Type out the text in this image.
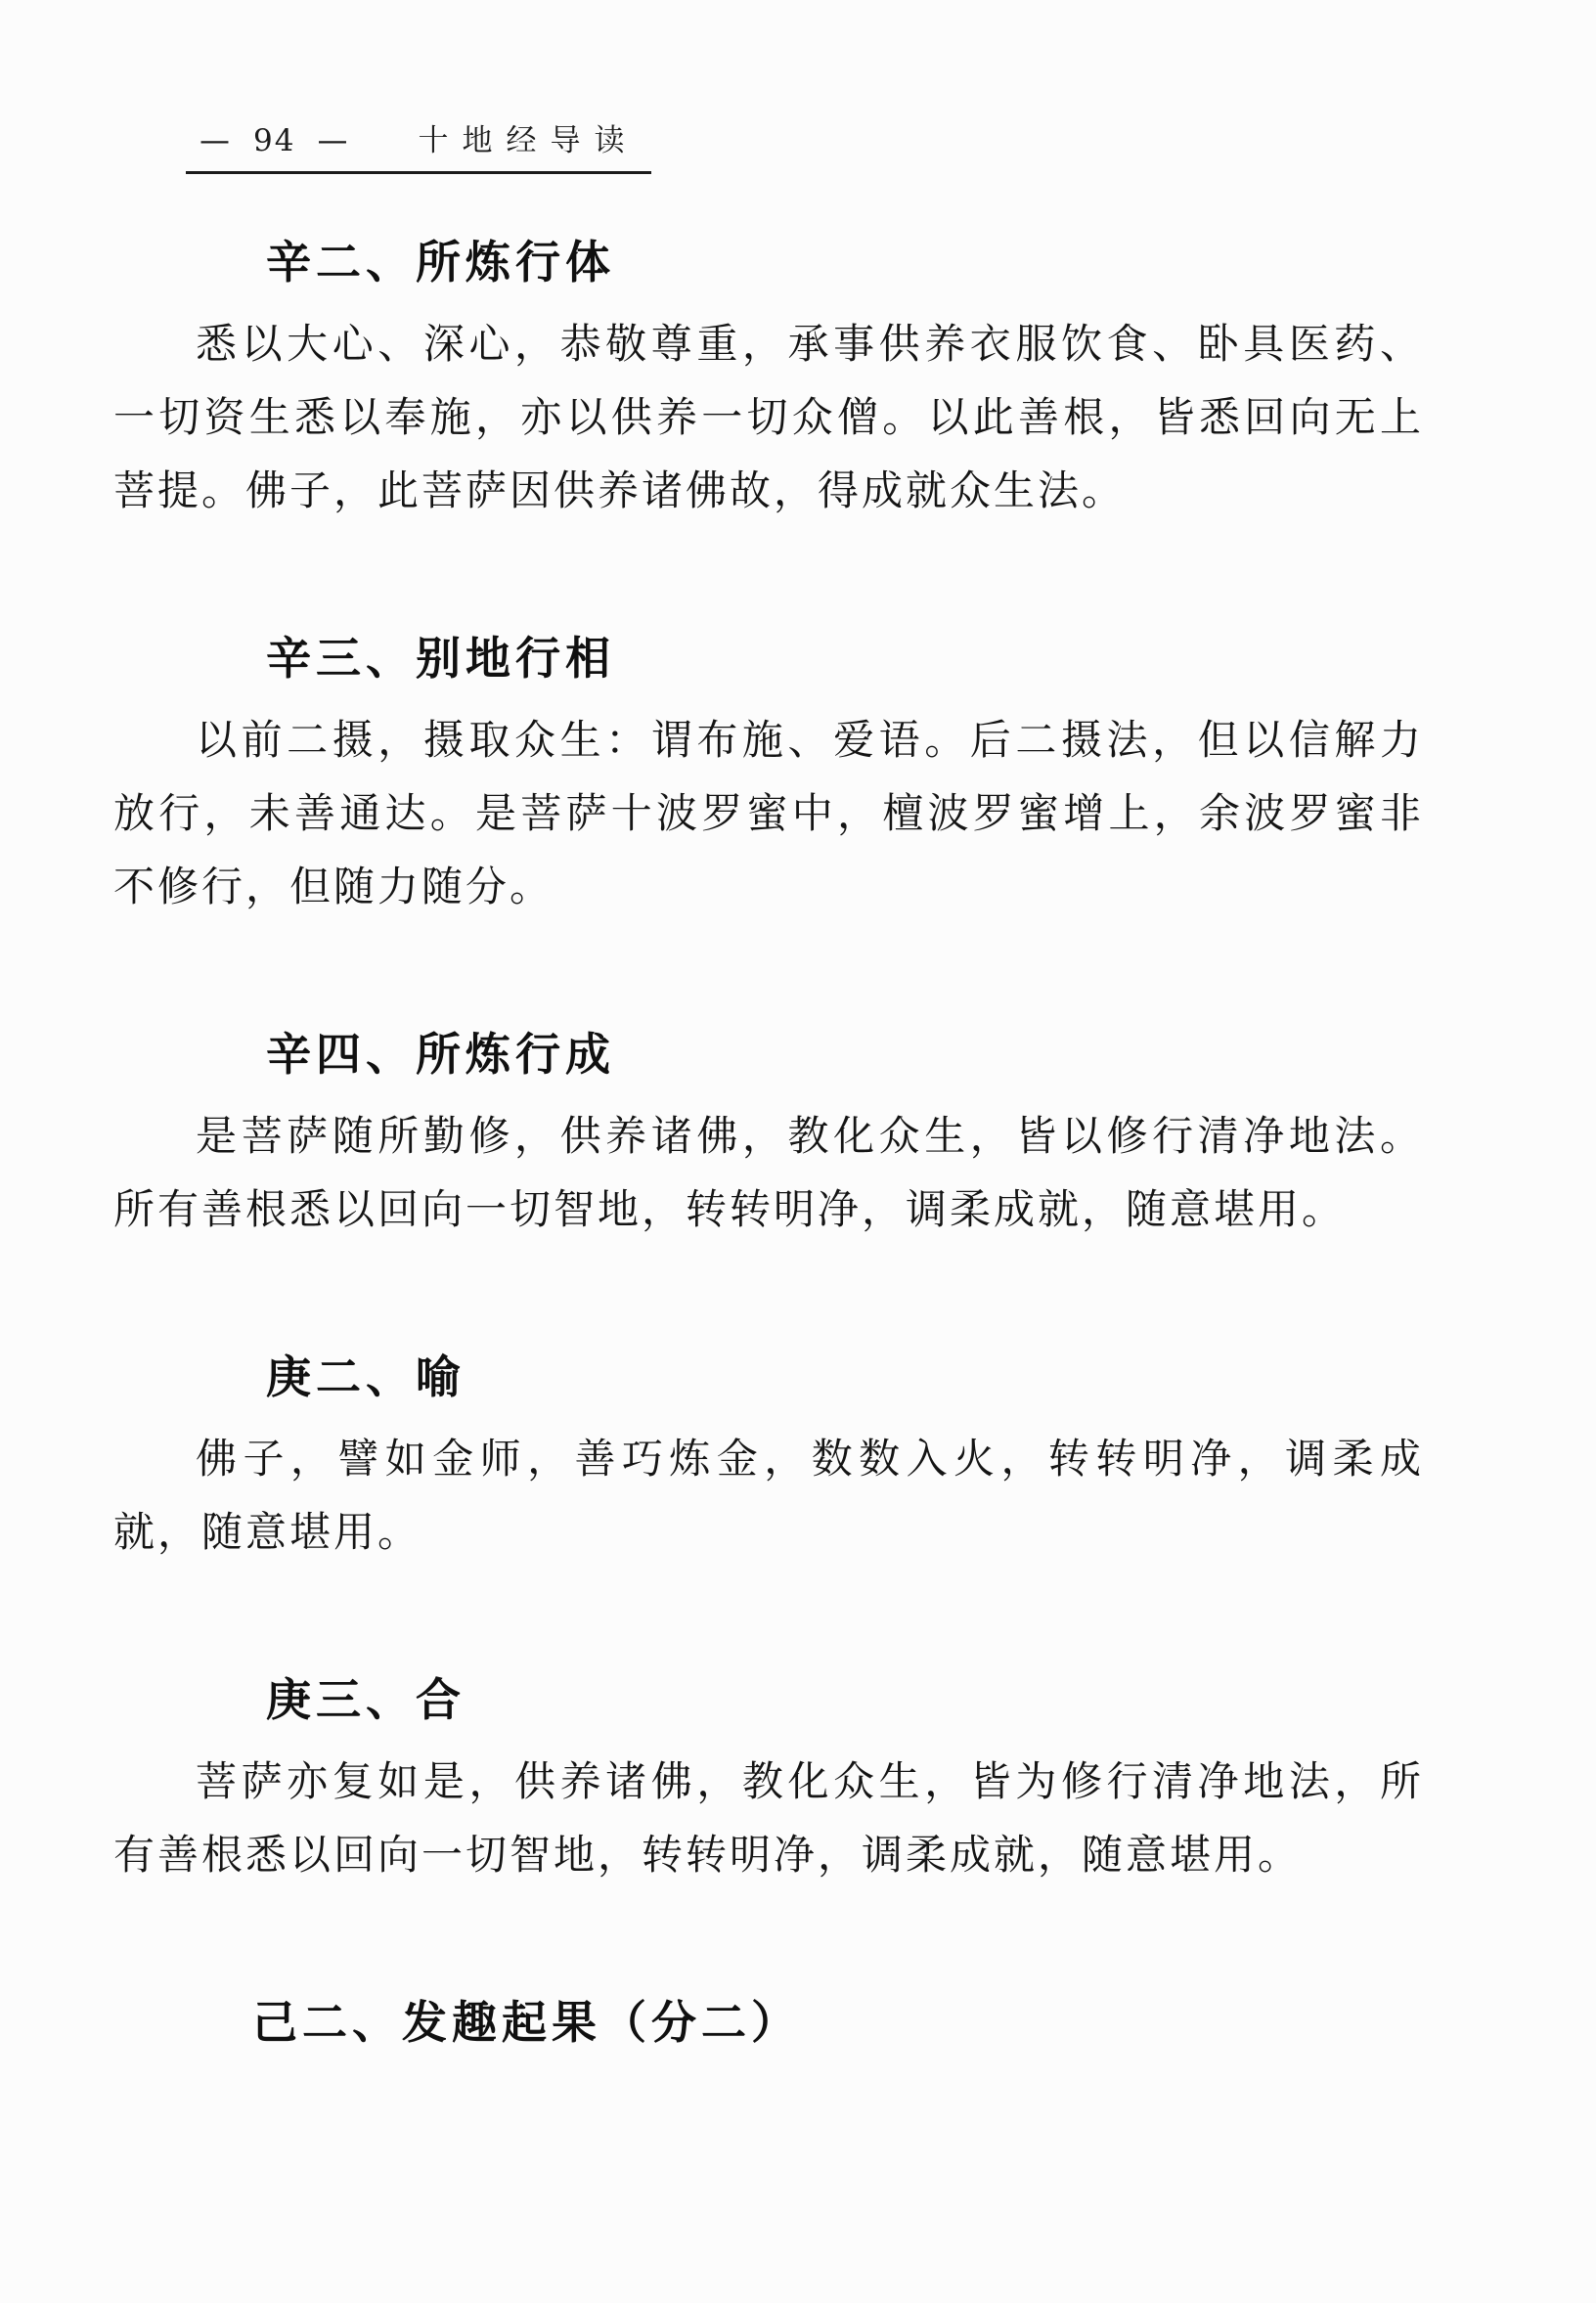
— 94 —	十地经导读
辛二、所炼行体

悉以大心、深心，恭敬尊重，承事供养衣服饮食、卧具医药、一切资生悉以奉施，亦以供养一切众僧。以此善根，皆悉回向无上菩提。佛子，此菩萨因供养诸佛故，得成就众生法。

辛三、别地行相

以前二摄，摄取众生：谓布施、爱语。后二摄法，但以信解力放行，未善通达。是菩萨十波罗蜜中，檀波罗蜜增上，余波罗蜜非不修行，但随力随分。

辛四、所炼行成

是菩萨随所勤修，供养诸佛，教化众生，皆以修行清净地法。所有善根悉以回向一切智地，转转明净，调柔成就，随意堪用。

庚二、喻

佛子，譬如金师，善巧炼金，数数入火，转转明净，调柔成就，随意堪用。

庚三、合

菩萨亦复如是，供养诸佛，教化众生，皆为修行清净地法，所有善根悉以回向一切智地，转转明净，调柔成就，随意堪用。

己二、发趣起果（分二）
